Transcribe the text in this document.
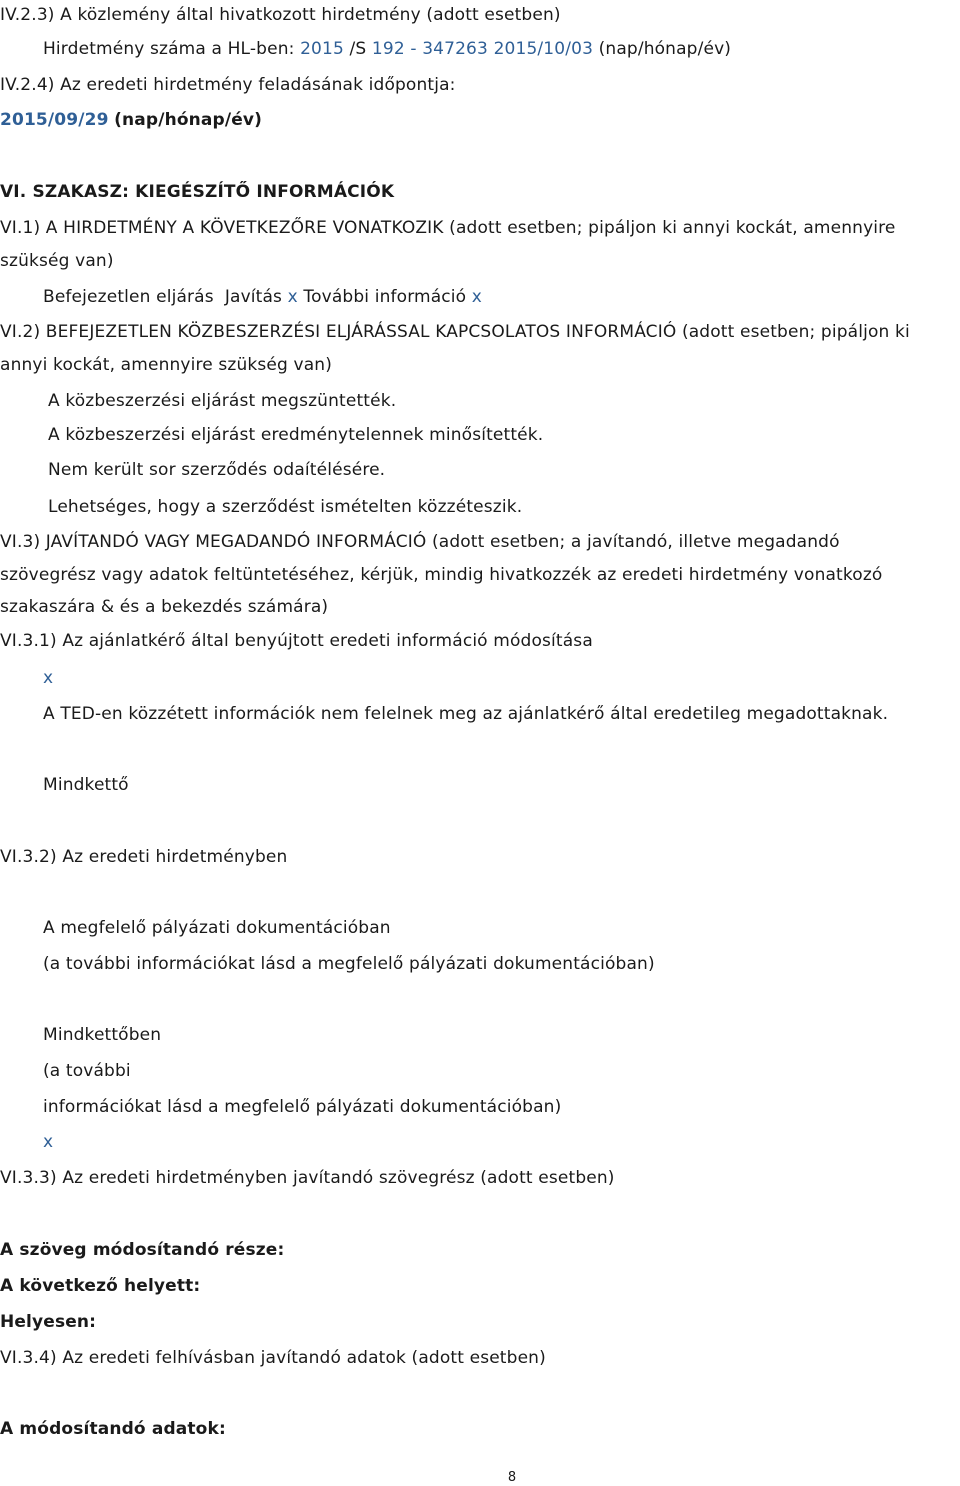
IV.2.3) A közlemény által hivatkozott hirdetmény (adott esetben)
Hirdetmény száma a HL-ben: 2015 /S 192 - 347263 2015/10/03 (nap/hónap/év)
IV.2.4) Az eredeti hirdetmény feladásának időpontja:
2015/09/29 (nap/hónap/év)
VI. SZAKASZ: KIEGÉSZÍTŐ INFORMÁCIÓK
VI.1) A HIRDETMÉNY A KÖVETKEZŐRE VONATKOZIK (adott esetben; pipáljon ki annyi kockát, amennyire
szükség van)
Befejezetlen eljárás Javítás x További információ x
VI.2) BEFEJEZETLEN KÖZBESZERZÉSI ELJÁRÁSSAL KAPCSOLATOS INFORMÁCIÓ (adott esetben; pipáljon ki
annyi kockát, amennyire szükség van)
A közbeszerzési eljárást megszüntették.
A közbeszerzési eljárást eredménytelennek minősítették.
Nem került sor szerződés odaítélésére.
Lehetséges, hogy a szerződést ismételten közzéteszik.
VI.3) JAVÍTANDÓ VAGY MEGADANDÓ INFORMÁCIÓ (adott esetben; a javítandó, illetve megadandó
szövegrész vagy adatok feltüntetéséhez, kérjük, mindig hivatkozzék az eredeti hirdetmény vonatkozó
szakaszára & és a bekezdés számára)
VI.3.1) Az ajánlatkérő által benyújtott eredeti információ módosítása
x
A TED-en közzétett információk nem felelnek meg az ajánlatkérő által eredetileg megadottaknak.
Mindkettő
VI.3.2) Az eredeti hirdetményben
A megfelelő pályázati dokumentációban
(a további információkat lásd a megfelelő pályázati dokumentációban)
Mindkettőben
(a további
információkat lásd a megfelelő pályázati dokumentációban)
x
VI.3.3) Az eredeti hirdetményben javítandó szövegrész (adott esetben)
A szöveg módosítandó része:
A következő helyett:
Helyesen:
VI.3.4) Az eredeti felhívásban javítandó adatok (adott esetben)
A módosítandó adatok:
8
